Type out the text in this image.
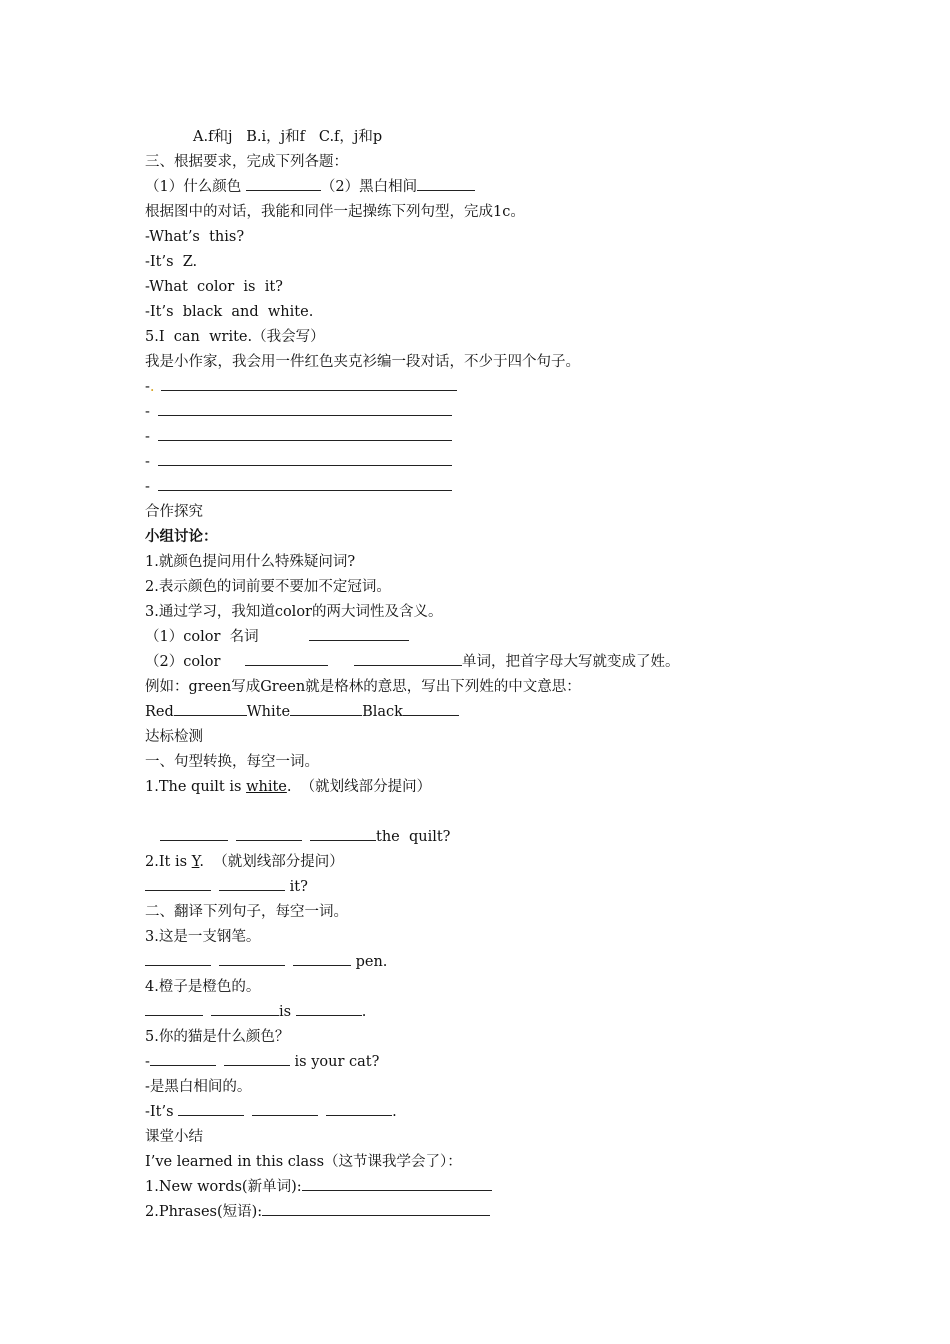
A.f和j   B.i，j和f   C.f，j和p
三、根据要求，完成下列各题：
（1）什么颜色	（2）黑白相间
根据图中的对话，我能和同伴一起操练下列句型，完成1c。
-What’s  this?
-It’s  Z.
-What  color  is  it?
-It’s  black  and  white.
5.I  can  write.（我会写）
我是小作家，我会用一件红色夹克衫编一段对话，不少于四个句子。
-.
-
-
-
-
合作探究
小组讨论：
1.就颜色提问用什么特殊疑问词?
2.表示颜色的词前要不要加不定冠词。
3.通过学习，我知道color的两大词性及含义。
（1）color  名词
（2）color	单词，把首字母大写就变成了姓。
例如：green写成Green就是格林的意思，写出下列姓的中文意思：
Red	White	Black
达标检测
一、句型转换，每空一词。
1.The quilt is white.  （就划线部分提问）
the  quilt?
2.It is Y.  （就划线部分提问）
it?
二、翻译下列句子，每空一词。
3.这是一支钢笔。
pen.
4.橙子是橙色的。
is	.
5.你的猫是什么颜色？
-	is your cat?
-是黑白相间的。
-It’s	.
课堂小结
I’ve learned in this class（这节课我学会了）：
1.New words(新单词):
2.Phrases(短语):
